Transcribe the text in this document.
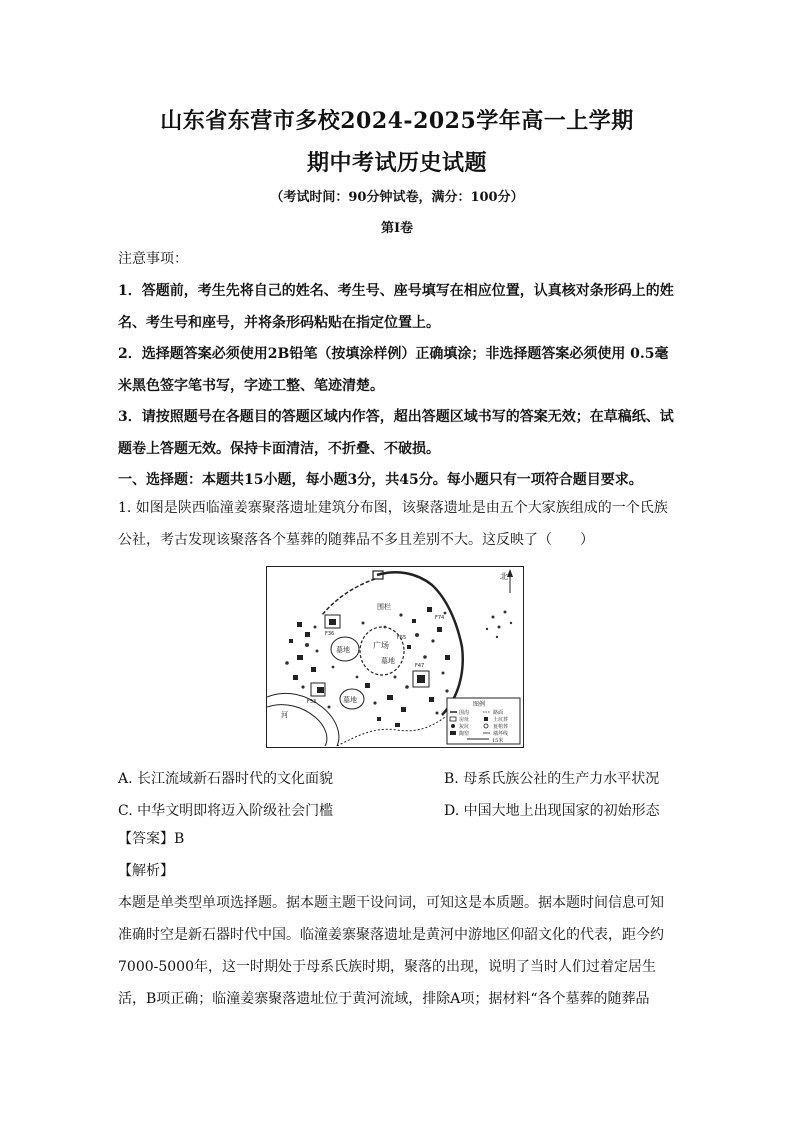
山东省东营市多校2024-2025学年高一上学期
期中考试历史试题
（考试时间：90分钟试卷，满分：100分）
第Ⅰ卷

注意事项：

1．答题前，考生先将自己的姓名、考生号、座号填写在相应位置，认真核对条形码上的姓名、考生号和座号，并将条形码粘贴在指定位置上。

2．选择题答案必须使用2B铅笔（按填涂样例）正确填涂；非选择题答案必须使用 0.5毫米黑色签字笔书写，字迹工整、笔迹清楚。

3．请按照题号在各题目的答题区域内作答，超出答题区域书写的答案无效；在草稿纸、试题卷上答题无效。保持卡面清洁，不折叠、不破损。

一、选择题：本题共15小题，每小题3分，共45分。每小题只有一项符合题目要求。

1. 如图是陕西临潼姜寨聚落遗址建筑分布图，该聚落遗址是由五个大家族组成的一个氏族公社，考古发现该聚落各个墓葬的随葬品不多且差别不大。这反映了（　　）

北
广场
围栏
墓地
墓地
墓地
F36
F47
F55
F53
F74
河
图例
围沟
房址
灰坑
陶窑
路面
土坑葬
瓮棺葬
墙坏线
15米
A. 长江流域新石器时代的文化面貌	B. 母系氏族公社的生产力水平状况
C. 中华文明即将迈入阶级社会门槛	D. 中国大地上出现国家的初始形态
【答案】B
【解析】
本题是单类型单项选择题。据本题主题干设问词，可知这是本质题。据本题时间信息可知
准确时空是新石器时代中国。临潼姜寨聚落遗址是黄河中游地区仰韶文化的代表，距今约
7000-5000年，这一时期处于母系氏族时期，聚落的出现，说明了当时人们过着定居生
活，B项正确；临潼姜寨聚落遗址位于黄河流域，排除A项；据材料“各个墓葬的随葬品
